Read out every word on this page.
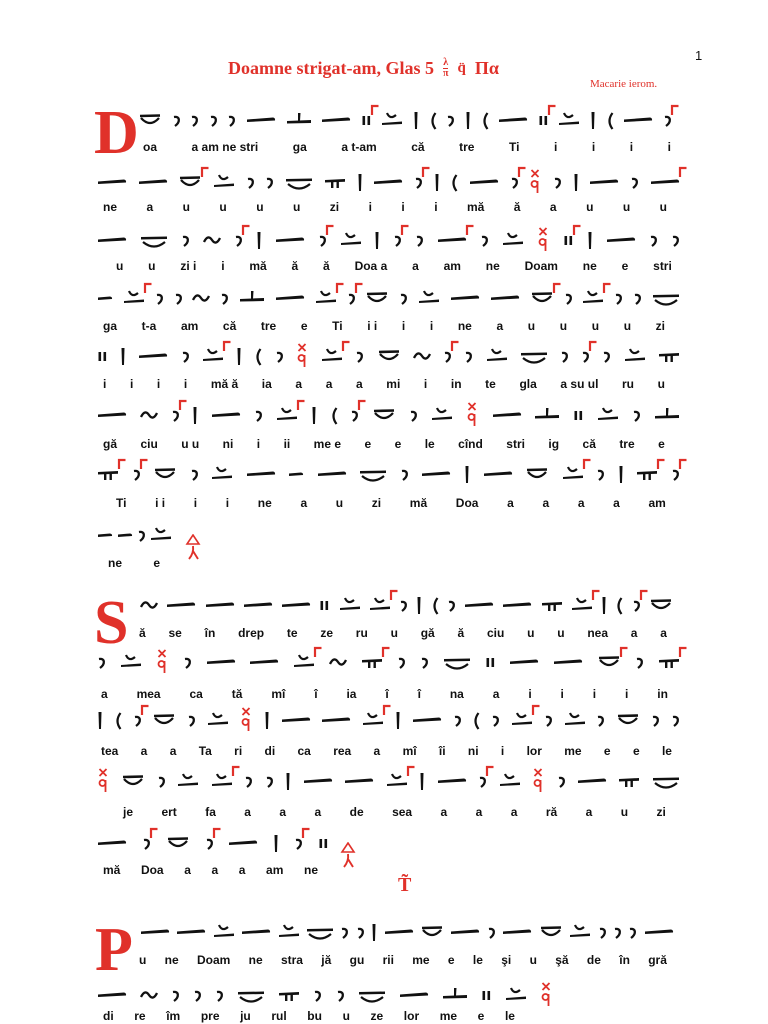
1
Doamne strigat-am, Glas 5 λ
π q̈ Πα
Macarie ierom.
D oa	a am ne stri	ga	a t-am	că	tre	Ti	i	i	i	i
ne a u u u u zi i i i mă ă a u u u
u u zi i i mă ă ă Doa a a am ne Doam ne e stri
ga t-a am că tre e Ti i i i i ne a u u u u zi
i i i i mă ă ia a a a mi i in te gla a su ul ru u
gă ciu u u ni i ii me e e e le cînd stri ig că tre e
Ti i i i i ne a u zi mă Doa a a a a am
ne	e
S ă se în drep te ze ru u gă ă ciu u u nea a a
a mea ca tă mî î ia î î na a i i i i in
tea a a Ta ri di ca rea a mî îi ni i lor me e e le
je ert fa a a a de sea a a a ră a u zi
mă Doa a a a am ne
T̃
P u ne Doam ne stra jă gu rii me e le şi u şă de în gră
di re îm pre ju rul bu u ze lor me e le
